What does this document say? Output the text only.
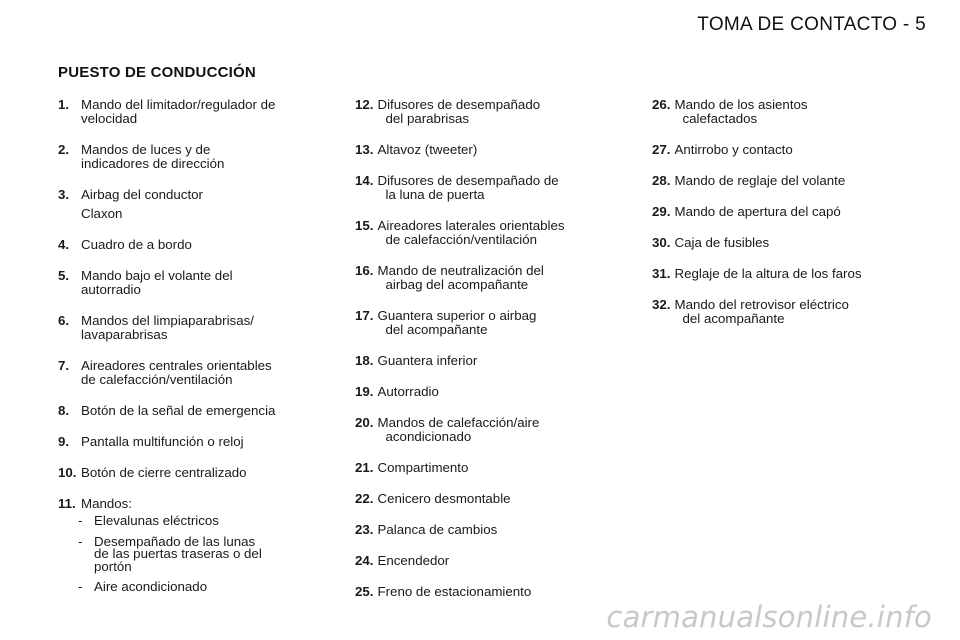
TOMA DE CONTACTO - 5
PUESTO DE CONDUCCIÓN
1. Mando del limitador/regulador de
velocidad
2. Mandos de luces y de
indicadores de dirección
3. Airbag del conductor
Claxon
4. Cuadro de a bordo
5. Mando bajo el volante del
autorradio
6. Mandos del limpiaparabrisas/
lavaparabrisas
7. Aireadores centrales orientables
de calefacción/ventilación
8. Botón de la señal de emergencia
9. Pantalla multifunción o reloj
10. Botón de cierre centralizado
11. Mandos:
- Elevalunas eléctricos
- Desempañado de las lunas
de las puertas traseras o del
portón
- Aire acondicionado
12. Difusores de desempañado
del parabrisas
13. Altavoz (tweeter)
14. Difusores de desempañado de
la luna de puerta
15. Aireadores laterales orientables
de calefacción/ventilación
16. Mando de neutralización del
airbag del acompañante
17. Guantera superior o airbag
del acompañante
18. Guantera inferior
19. Autorradio
20. Mandos de calefacción/aire
acondicionado
21. Compartimento
22. Cenicero desmontable
23. Palanca de cambios
24. Encendedor
25. Freno de estacionamiento
26. Mando de los asientos
calefactados
27. Antirrobo y contacto
28. Mando de reglaje del volante
29. Mando de apertura del capó
30. Caja de fusibles
31. Reglaje de la altura de los faros
32. Mando del retrovisor eléctrico
del acompañante
carmanualsonline.info
